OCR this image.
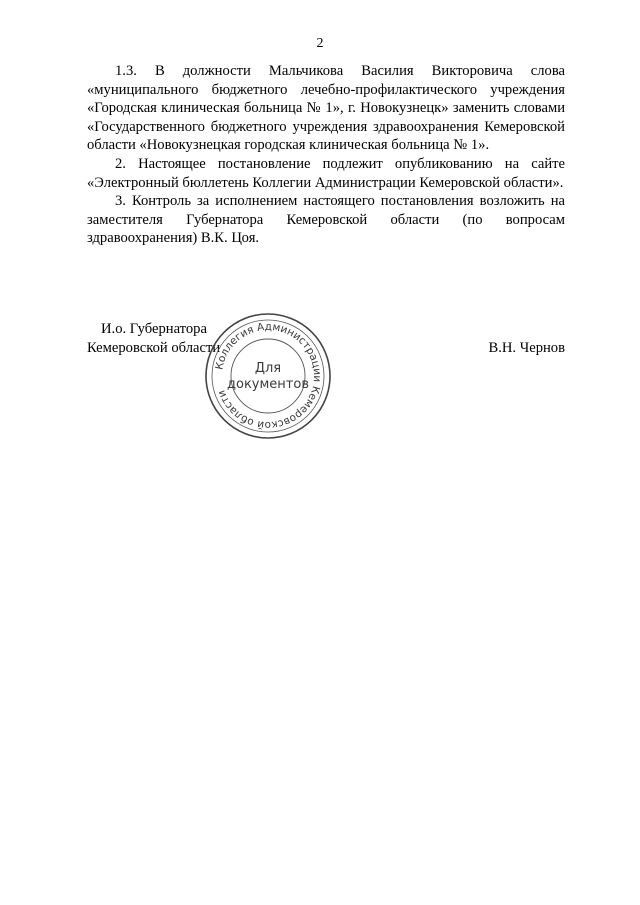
2

1.3. В должности Мальчикова Василия Викторовича слова «муниципального бюджетного лечебно-профилактического учреждения «Городская клиническая больница № 1», г. Новокузнецк» заменить словами «Государственного бюджетного учреждения здравоохранения Кемеровской области «Новокузнецкая городская клиническая больница № 1».

2. Настоящее постановление подлежит опубликованию на сайте «Электронный бюллетень Коллегии Администрации Кемеровской области».

3. Контроль за исполнением настоящего постановления возложить на заместителя Губернатора Кемеровской области (по вопросам здравоохранения) В.К. Цоя.

И.о. Губернатора
Кемеровской области	В.Н. Чернов
Коллегия Администрации Кемеровской области
Для
документов
